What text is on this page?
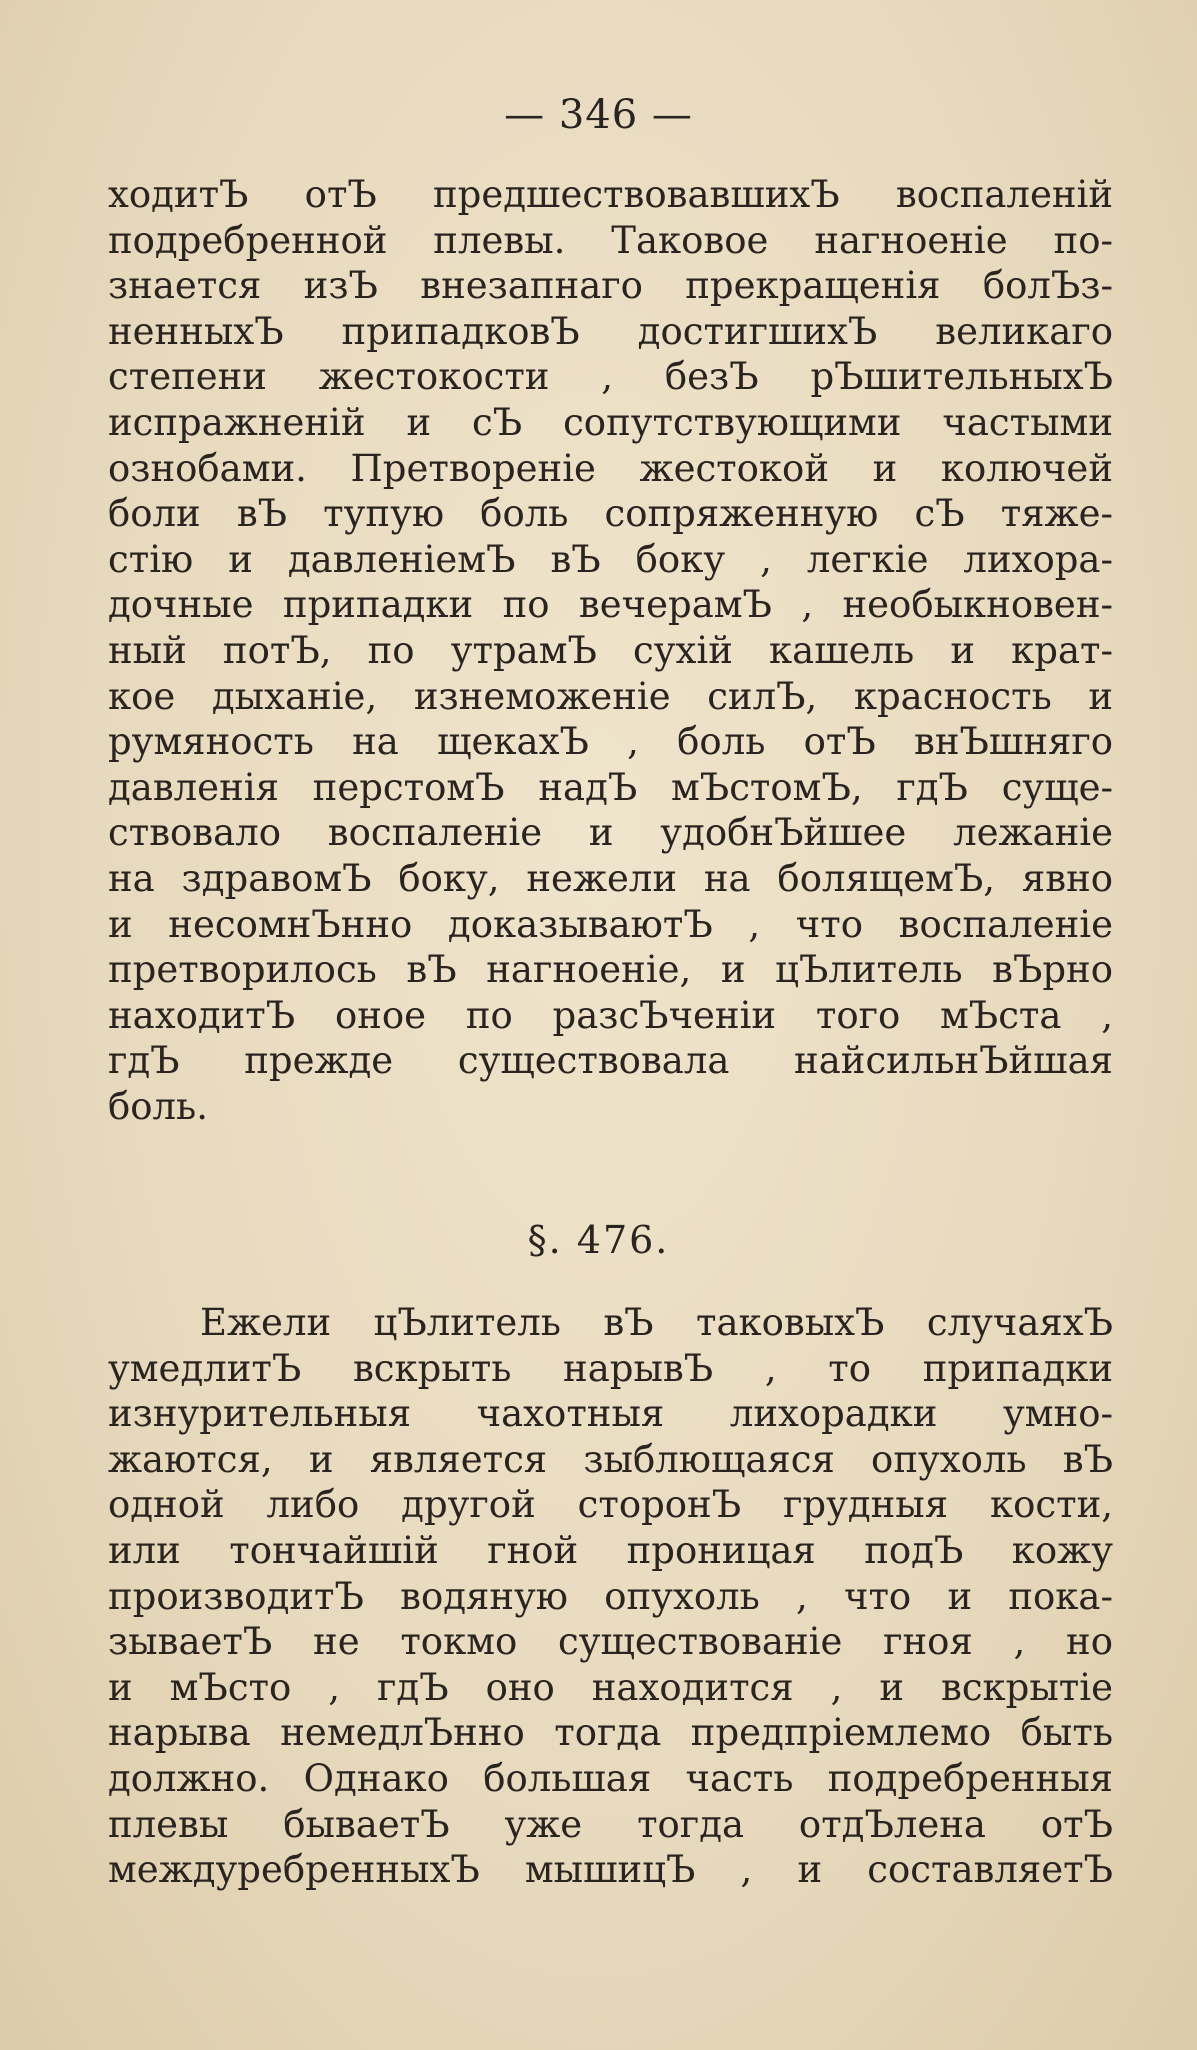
— 346 —
ходитЪ отЪ предшествовавшихЪ воспаленій
подребренной плевы. Таковое нагноеніе по-
знается изЪ внезапнаго прекращенія болЪз-
ненныхЪ припадковЪ достигшихЪ великаго
степени жестокости , безЪ рЪшительныхЪ
испражненій и сЪ сопутствующими частыми
ознобами. Претвореніе жестокой и колючей
боли вЪ тупую боль сопряженную сЪ тяже-
стію и давленіемЪ вЪ боку , легкіе лихора-
дочные припадки по вечерамЪ , необыкновен-
ный потЪ, по утрамЪ сухій кашель и крат-
кое дыханіе, изнеможеніе силЪ, красность и
румяность на щекахЪ , боль отЪ внЪшняго
давленія перстомЪ надЪ мЪстомЪ, гдЪ суще-
ствовало воспаленіе и удобнЪйшее лежаніе
на здравомЪ боку, нежели на болящемЪ, явно
и несомнЪнно доказываютЪ , что воспаленіе
претворилось вЪ нагноеніе, и цЪлитель вЪрно
находитЪ оное по разсЪченіи того мЪста ,
гдЪ прежде существовала найсильнЪйшая
боль.
§. 476.
Ежели цЪлитель вЪ таковыхЪ случаяхЪ
умедлитЪ вскрыть нарывЪ , то припадки
изнурительныя чахотныя лихорадки умно-
жаются, и является зыблющаяся опухоль вЪ
одной либо другой сторонЪ грудныя кости,
или тончайшій гной проницая подЪ кожу
производитЪ водяную опухоль , что и пока-
зываетЪ не токмо существованіе гноя , но
и мЪсто , гдЪ оно находится , и вскрытіе
нарыва немедлЪнно тогда предпріемлемо быть
должно. Однако большая часть подребренныя
плевы бываетЪ уже тогда отдЪлена отЪ
междуребренныхЪ мышицЪ , и составляетЪ
